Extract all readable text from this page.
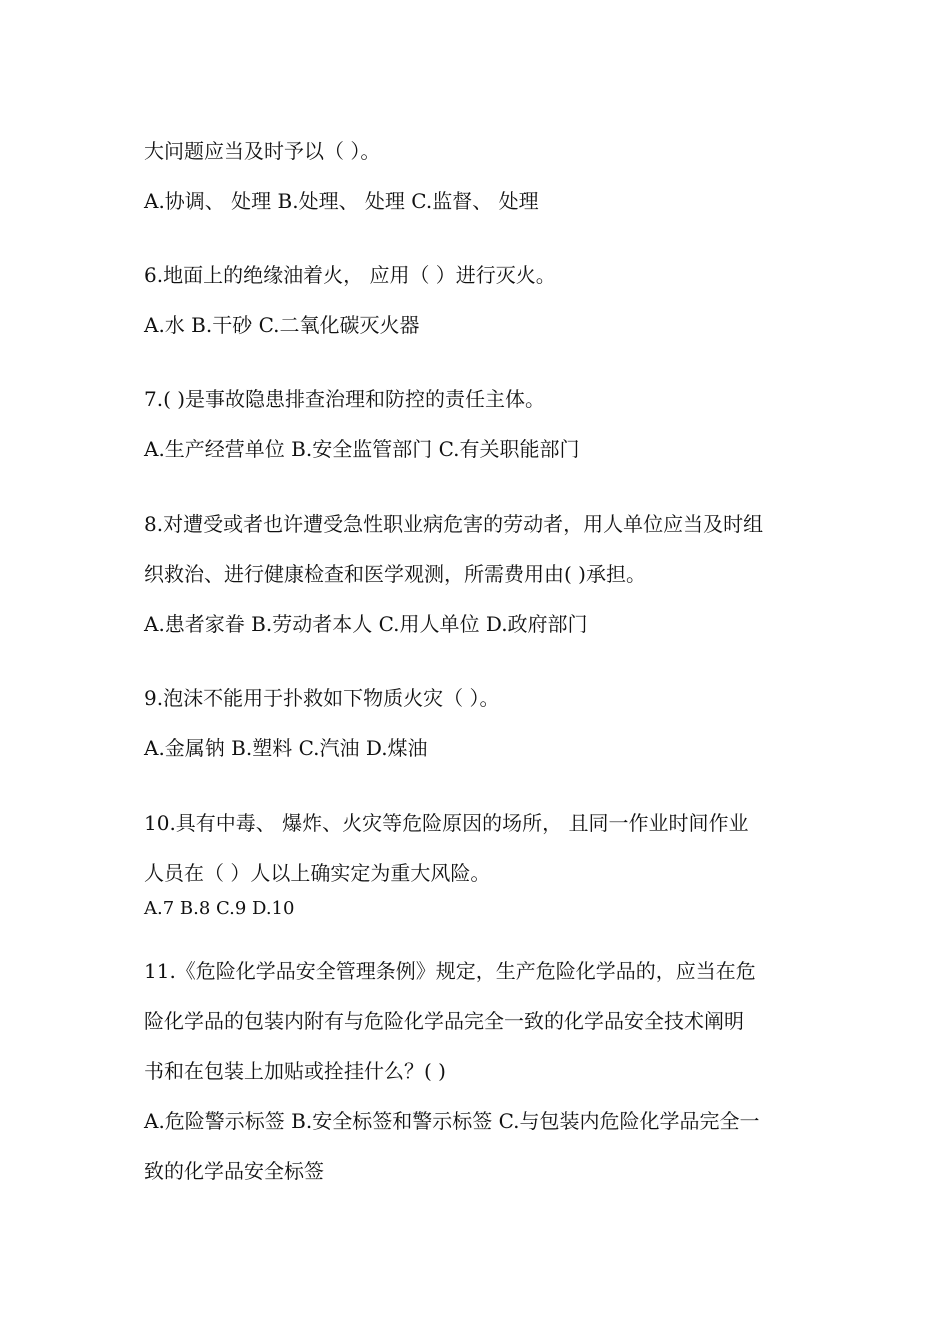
大问题应当及时予以（ ）。

A.协调、 处理 B.处理、 处理 C.监督、 处理

6.地面上的绝缘油着火， 应用（ ）进行灭火。

A.水 B.干砂 C.二氧化碳灭火器

7.( )是事故隐患排查治理和防控的责任主体。

A.生产经营单位 B.安全监管部门 C.有关职能部门

8.对遭受或者也许遭受急性职业病危害的劳动者，用人单位应当及时组

织救治、进行健康检查和医学观测，所需费用由( )承担。

A.患者家眷 B.劳动者本人 C.用人单位 D.政府部门

9.泡沫不能用于扑救如下物质火灾（ ）。

A.金属钠 B.塑料 C.汽油 D.煤油

10.具有中毒、 爆炸、火灾等危险原因的场所， 且同一作业时间作业

人员在（ ）人以上确实定为重大风险。

A.7 B.8 C.9 D.10

11.《危险化学品安全管理条例》规定，生产危险化学品的，应当在危

险化学品的包装内附有与危险化学品完全一致的化学品安全技术阐明

书和在包装上加贴或拴挂什么？( )

A.危险警示标签 B.安全标签和警示标签 C.与包装内危险化学品完全一

致的化学品安全标签
